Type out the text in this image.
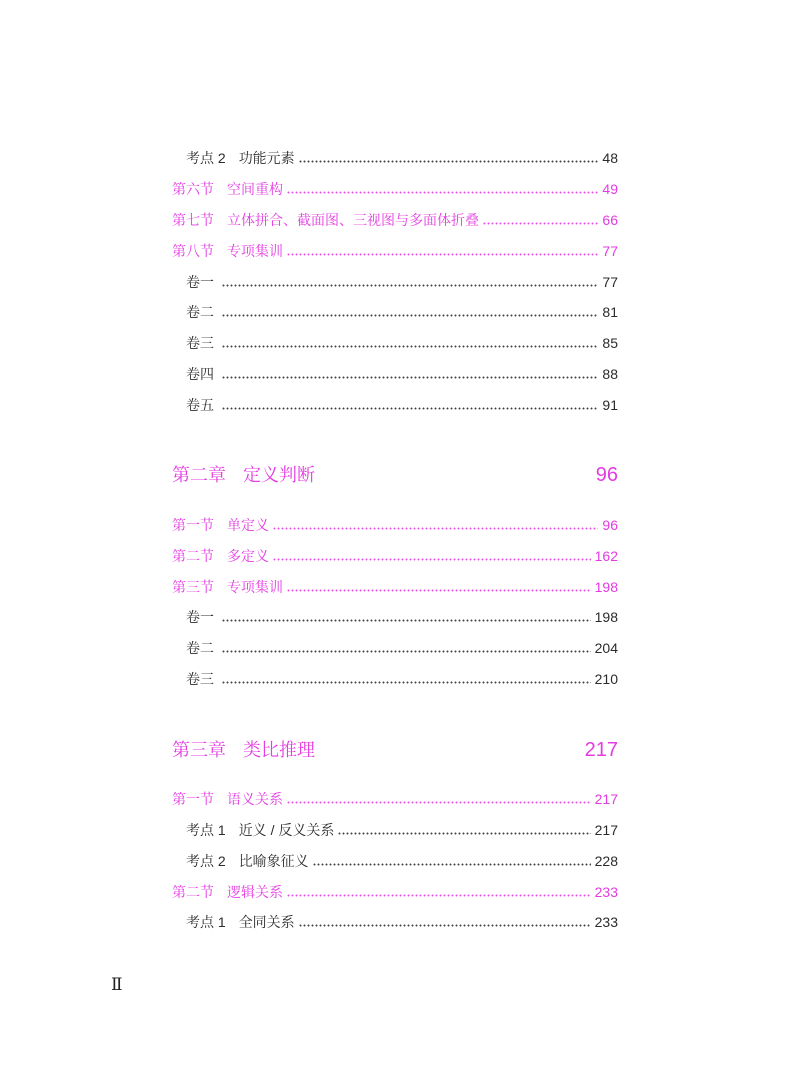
考点 2 功能元素	48
第六节 空间重构	49
第七节 立体拼合、截面图、三视图与多面体折叠	66
第八节 专项集训	77
卷一	77
卷二	81
卷三	85
卷四	88
卷五	91
第二章 定义判断	96
第一节 单定义	96
第二节 多定义	162
第三节 专项集训	198
卷一	198
卷二	204
卷三	210
第三章 类比推理	217
第一节 语义关系	217
考点 1 近义 / 反义关系	217
考点 2 比喻象征义	228
第二节 逻辑关系	233
考点 1 全同关系	233
Ⅱ
